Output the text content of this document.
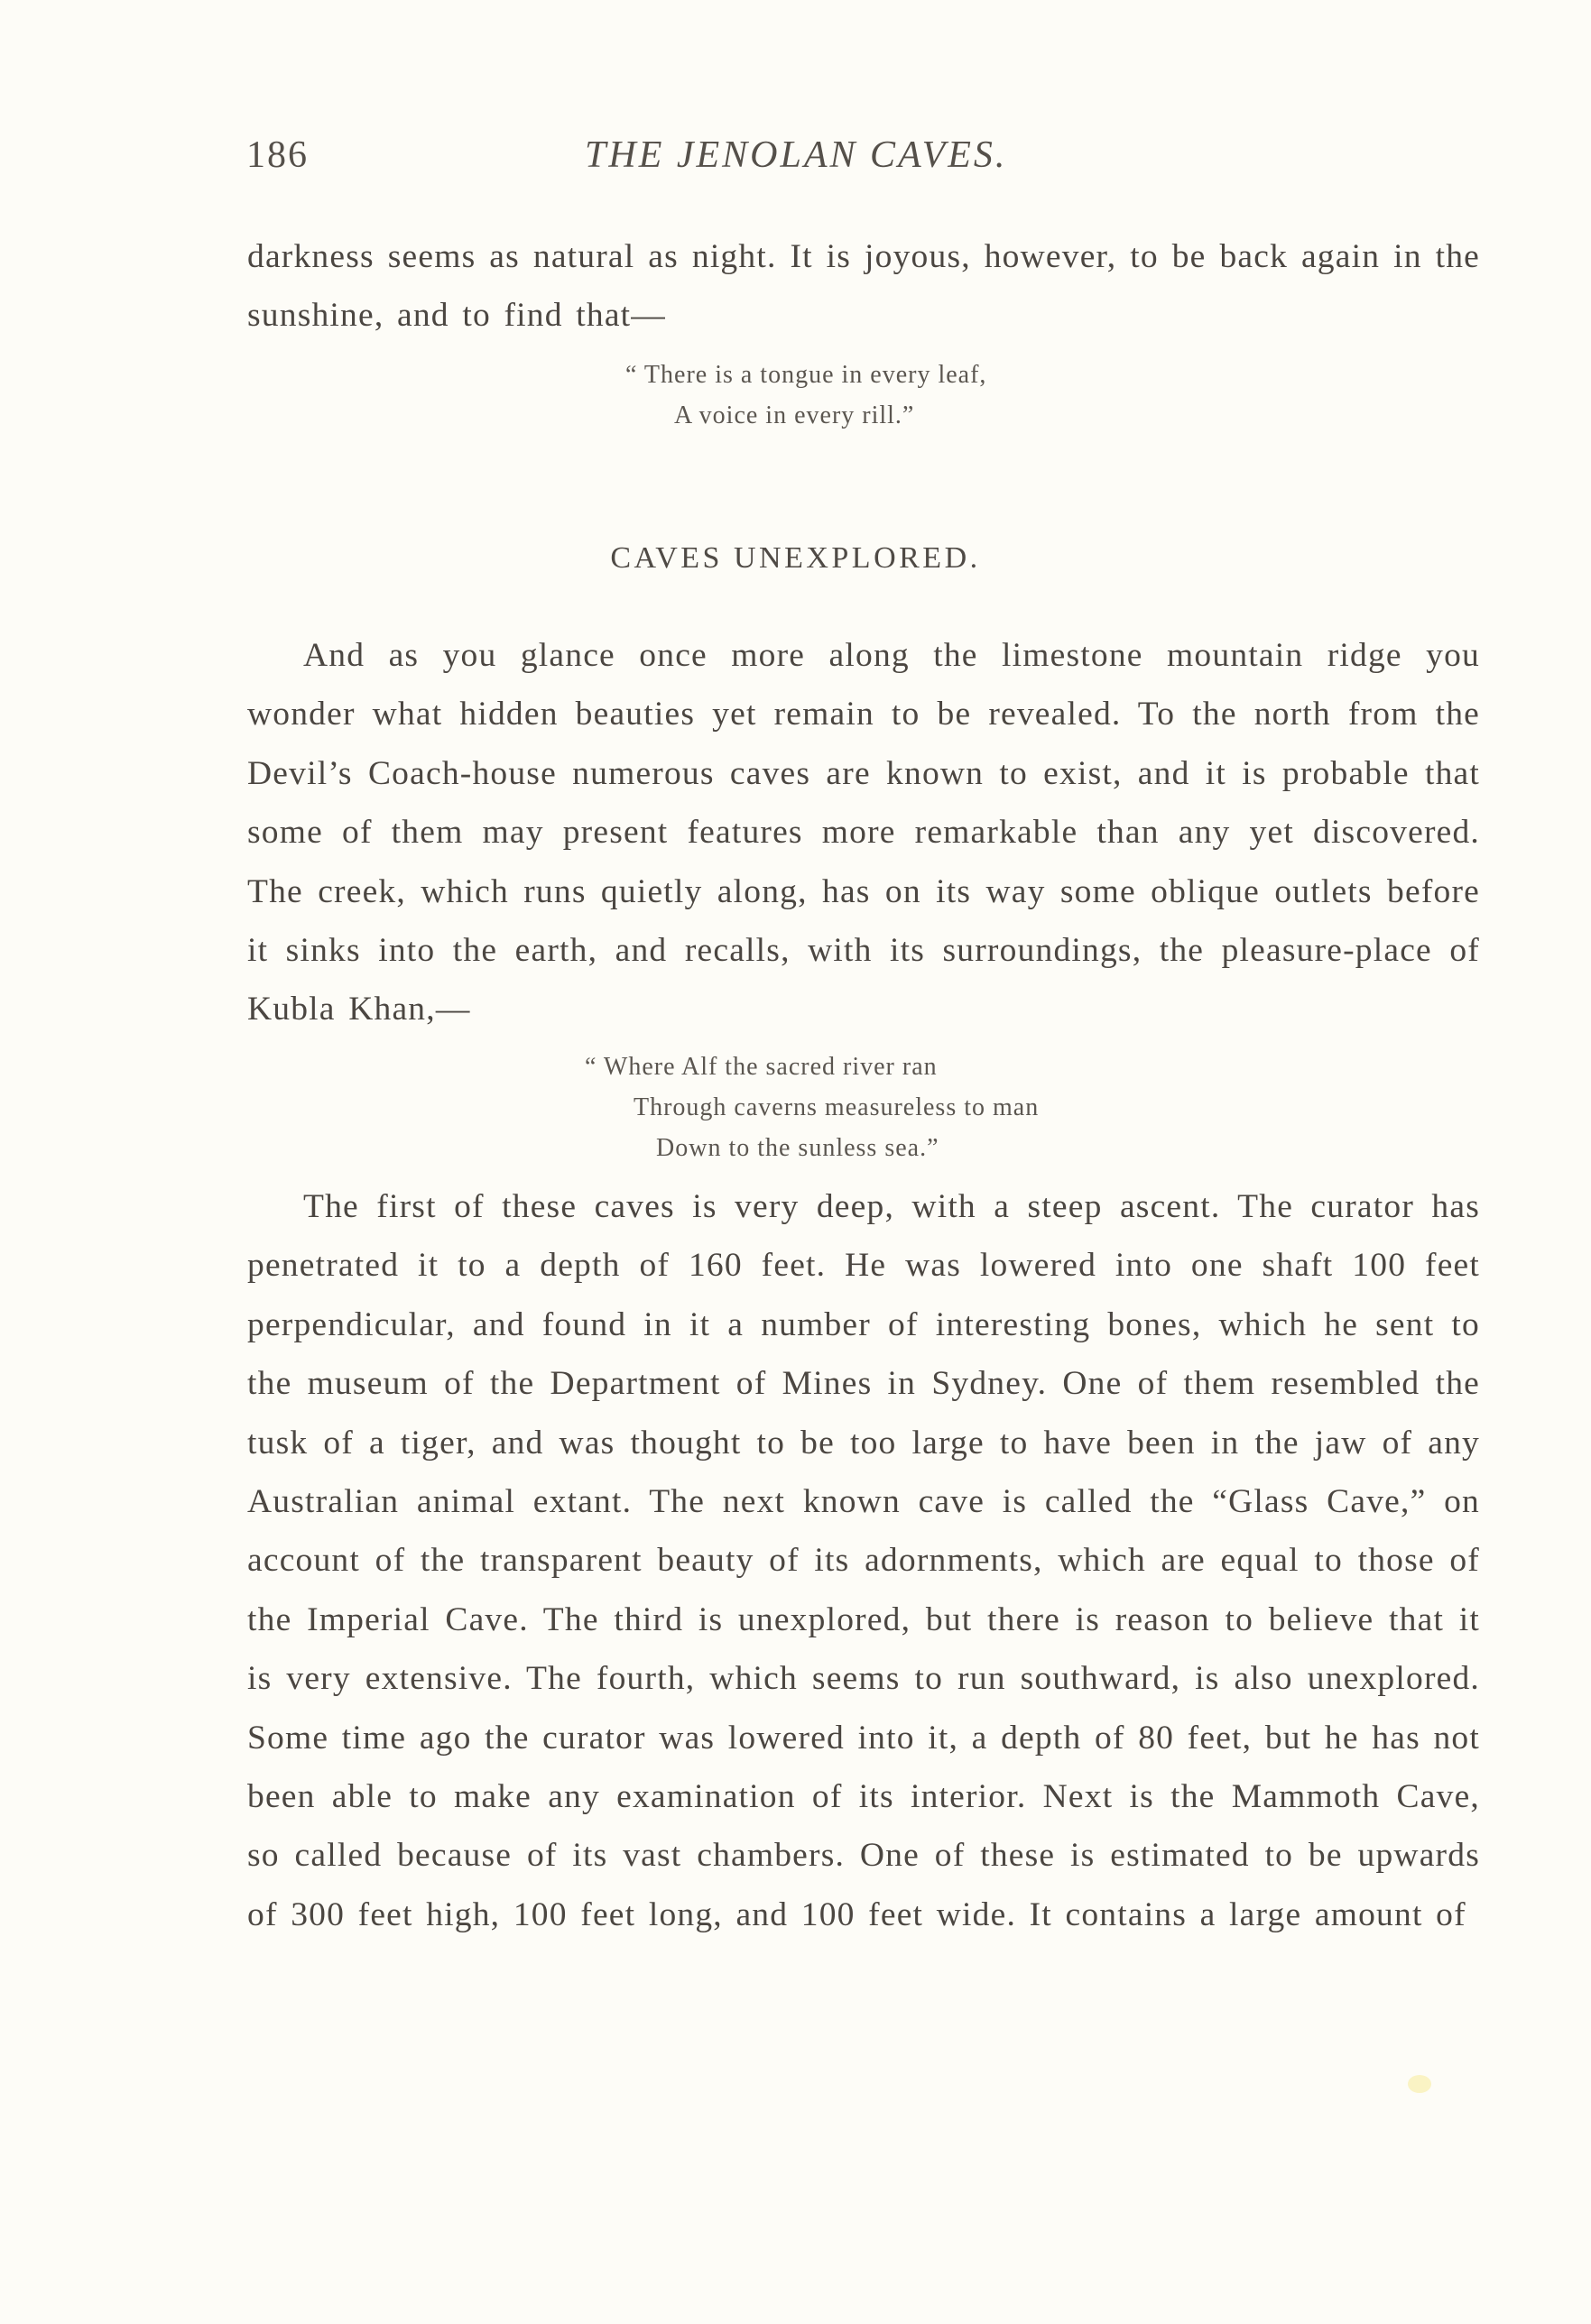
186	THE JENOLAN CAVES.
darkness seems as natural as night. It is joyous, however, to be back again in the sunshine, and to find that—
“ There is a tongue in every leaf,
A voice in every rill.”
CAVES UNEXPLORED.
And as you glance once more along the limestone mountain ridge you wonder what hidden beauties yet remain to be revealed. To the north from the Devil’s Coach-house numerous caves are known to exist, and it is probable that some of them may present features more remarkable than any yet discovered. The creek, which runs quietly along, has on its way some oblique outlets before it sinks into the earth, and recalls, with its surroundings, the pleasure-place of Kubla Khan,—
“ Where Alf the sacred river ran
Through caverns measureless to man
Down to the sunless sea.”
The first of these caves is very deep, with a steep ascent. The curator has penetrated it to a depth of 160 feet. He was lowered into one shaft 100 feet perpendicular, and found in it a number of interesting bones, which he sent to the museum of the Department of Mines in Sydney. One of them resembled the tusk of a tiger, and was thought to be too large to have been in the jaw of any Australian animal extant. The next known cave is called the “Glass Cave,” on account of the transparent beauty of its adornments, which are equal to those of the Imperial Cave. The third is unexplored, but there is reason to believe that it is very extensive. The fourth, which seems to run southward, is also unexplored. Some time ago the curator was lowered into it, a depth of 80 feet, but he has not been able to make any examination of its interior. Next is the Mammoth Cave, so called because of its vast chambers. One of these is estimated to be upwards of 300 feet high, 100 feet long, and 100 feet wide. It contains a large amount of
